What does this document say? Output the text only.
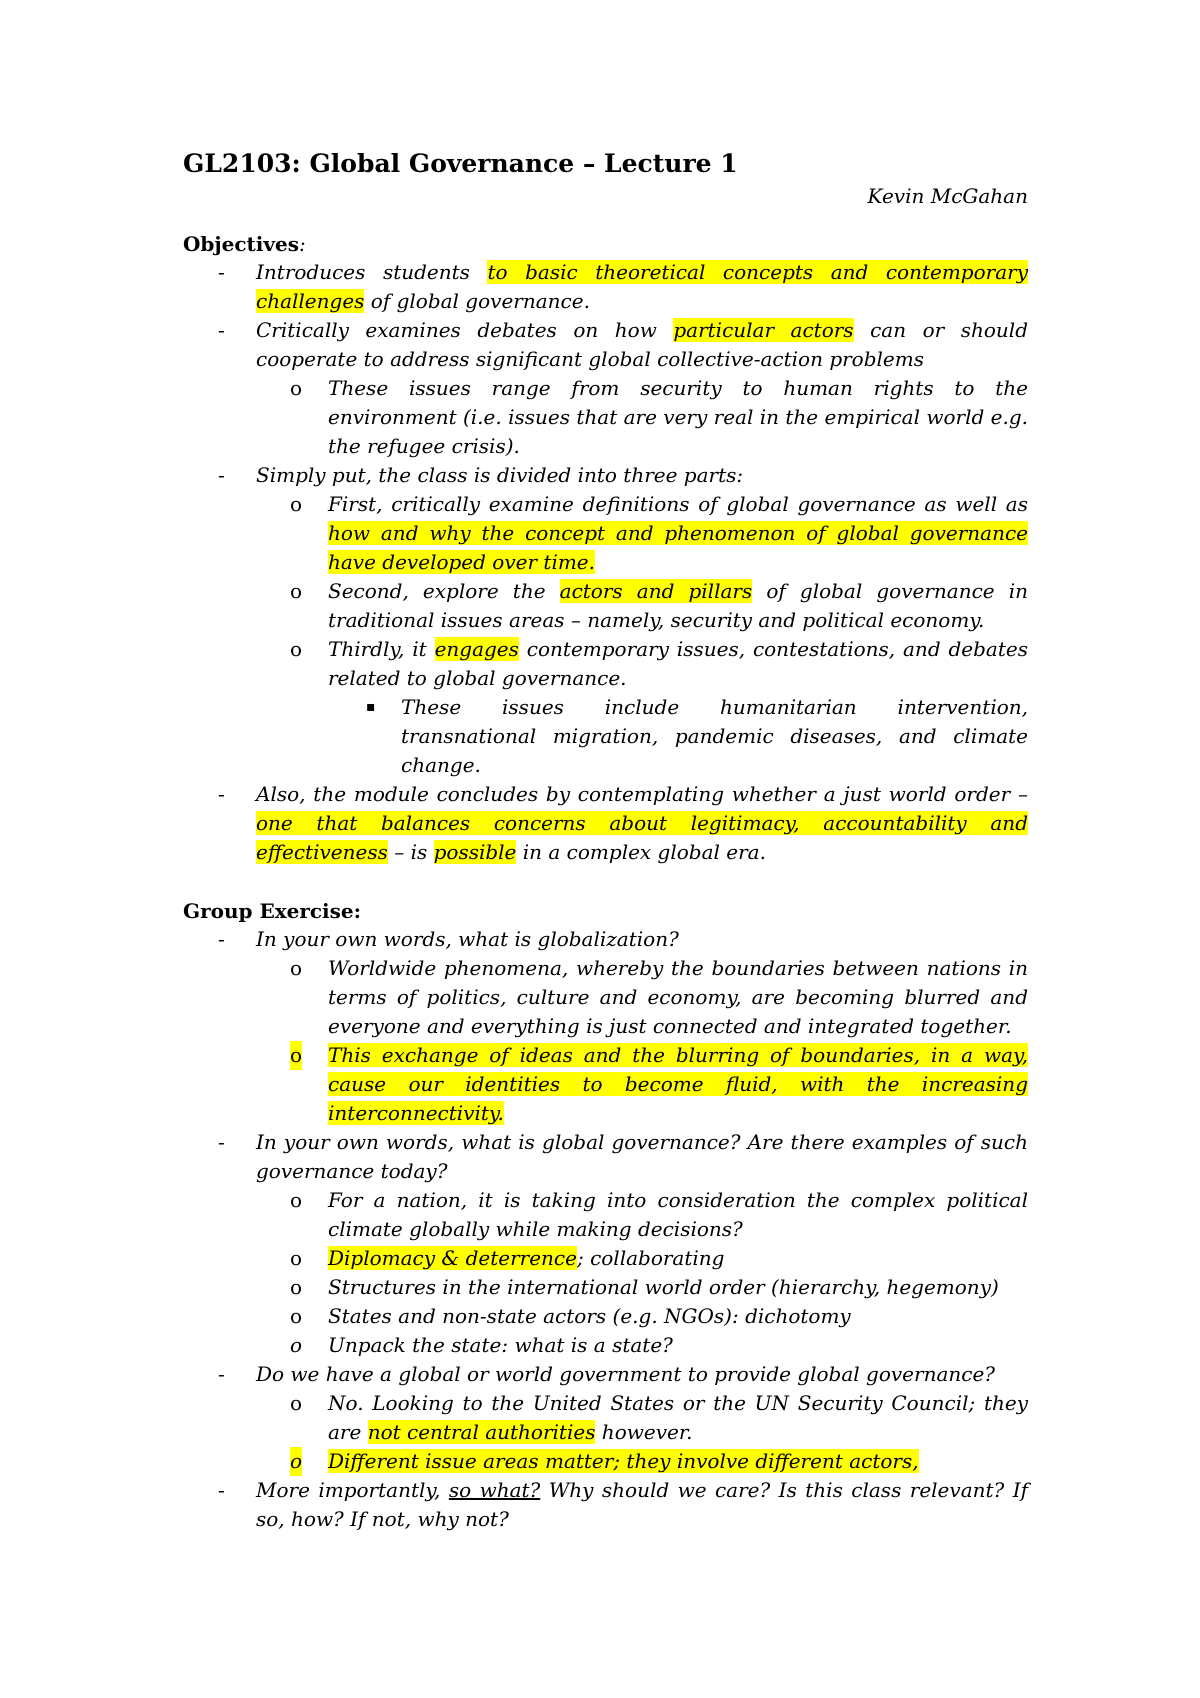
GL2103: Global Governance – Lecture 1
Kevin McGahan
Objectives:
- Introduces students to basic theoretical concepts and contemporary challenges of global governance.
- Critically examines debates on how particular actors can or should cooperate to address significant global collective-action problems
o These issues range from security to human rights to the environment (i.e. issues that are very real in the empirical world e.g. the refugee crisis).
- Simply put, the class is divided into three parts:
o First, critically examine definitions of global governance as well as how and why the concept and phenomenon of global governance have developed over time.
o Second, explore the actors and pillars of global governance in traditional issues areas – namely, security and political economy.
o Thirdly, it engages contemporary issues, contestations, and debates related to global governance.
▪ These issues include humanitarian intervention, transnational migration, pandemic diseases, and climate change.
- Also, the module concludes by contemplating whether a just world order – one that balances concerns about legitimacy, accountability and effectiveness – is possible in a complex global era.
Group Exercise:
- In your own words, what is globalization?
o Worldwide phenomena, whereby the boundaries between nations in terms of politics, culture and economy, are becoming blurred and everyone and everything is just connected and integrated together.
o This exchange of ideas and the blurring of boundaries, in a way, cause our identities to become fluid, with the increasing interconnectivity.
- In your own words, what is global governance? Are there examples of such governance today?
o For a nation, it is taking into consideration the complex political climate globally while making decisions?
o Diplomacy & deterrence; collaborating
o Structures in the international world order (hierarchy, hegemony)
o States and non-state actors (e.g. NGOs): dichotomy
o Unpack the state: what is a state?
- Do we have a global or world government to provide global governance?
o No. Looking to the United States or the UN Security Council; they are not central authorities however.
o Different issue areas matter; they involve different actors,
- More importantly, so what? Why should we care? Is this class relevant? If so, how? If not, why not?
